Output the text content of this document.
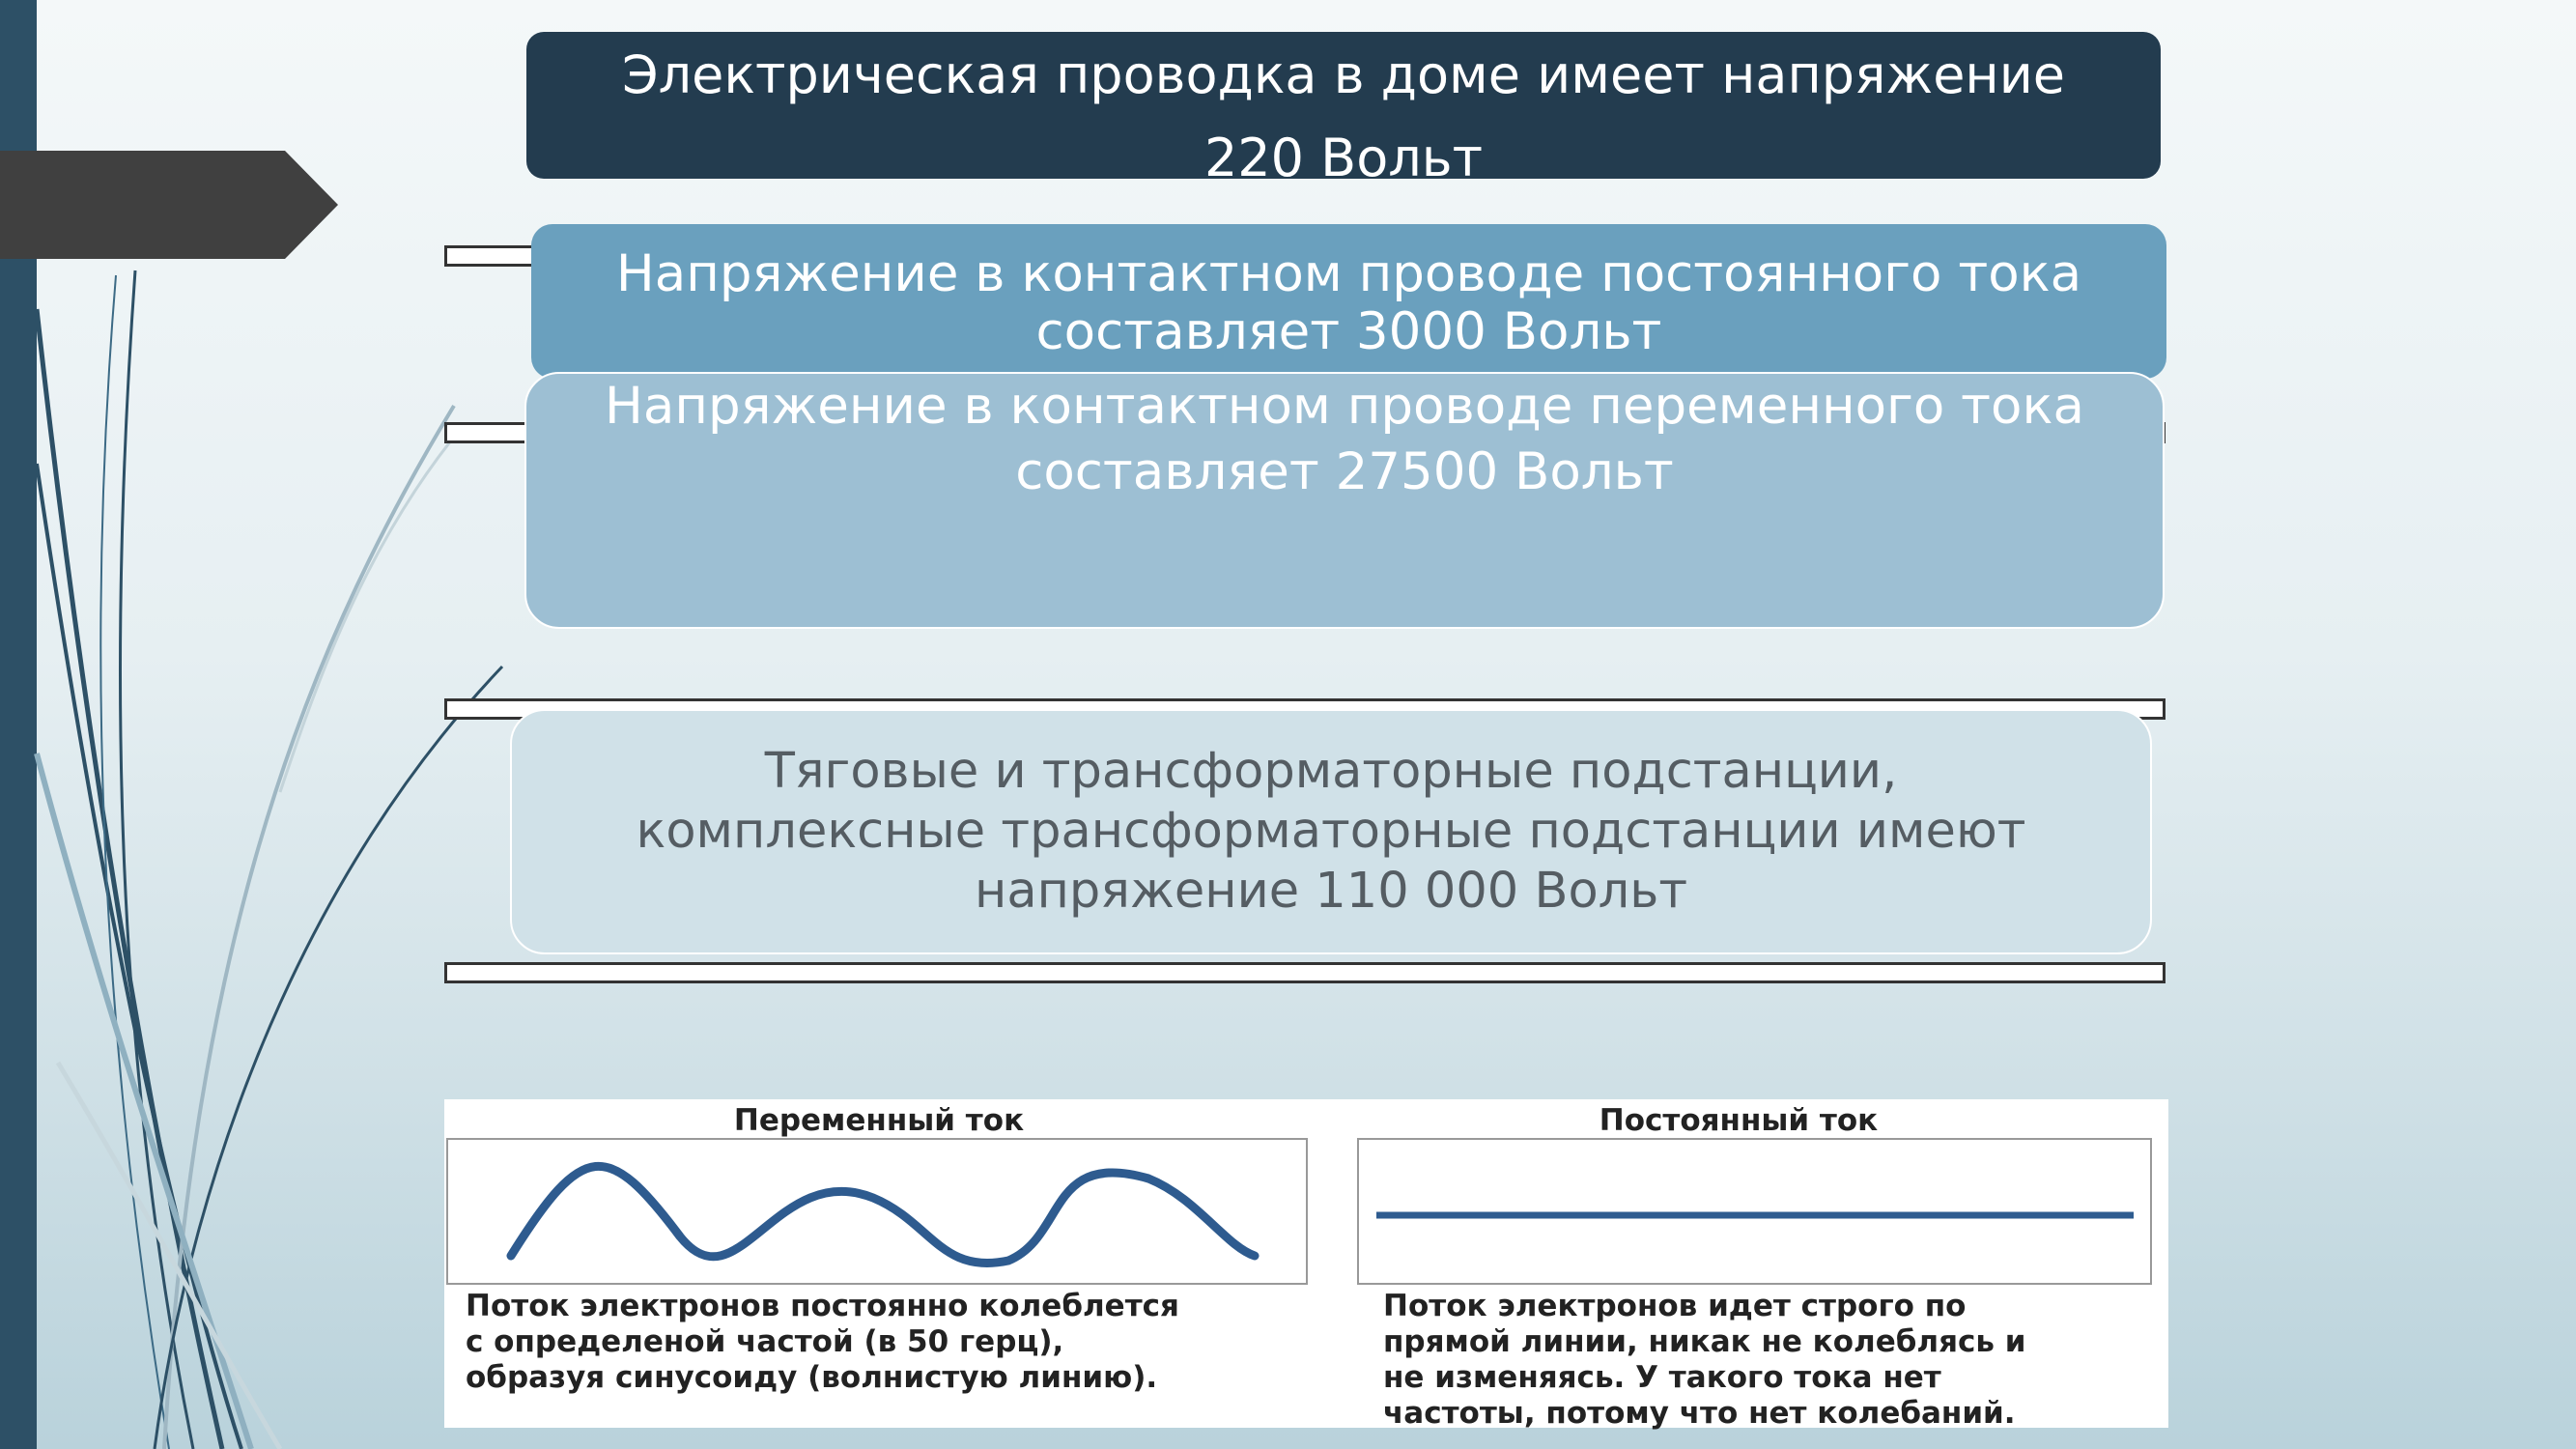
Электрическая проводка в доме имеет напряжение
220 Вольт
Напряжение в контактном проводе постоянного тока
составляет 3000 Вольт
Напряжение в контактном проводе переменного тока
составляет 27500 Вольт
Тяговые и трансформаторные подстанции,
комплексные трансформаторные подстанции имеют
напряжение 110 000 Вольт
Переменный ток
Поток электронов постоянно колеблется
с определеной частой (в 50 герц),
образуя синусоиду (волнистую линию).
Постоянный ток
Поток электронов идет строго по
прямой линии, никак не колеблясь и
не изменяясь. У такого тока нет
частоты, потому что нет колебаний.
